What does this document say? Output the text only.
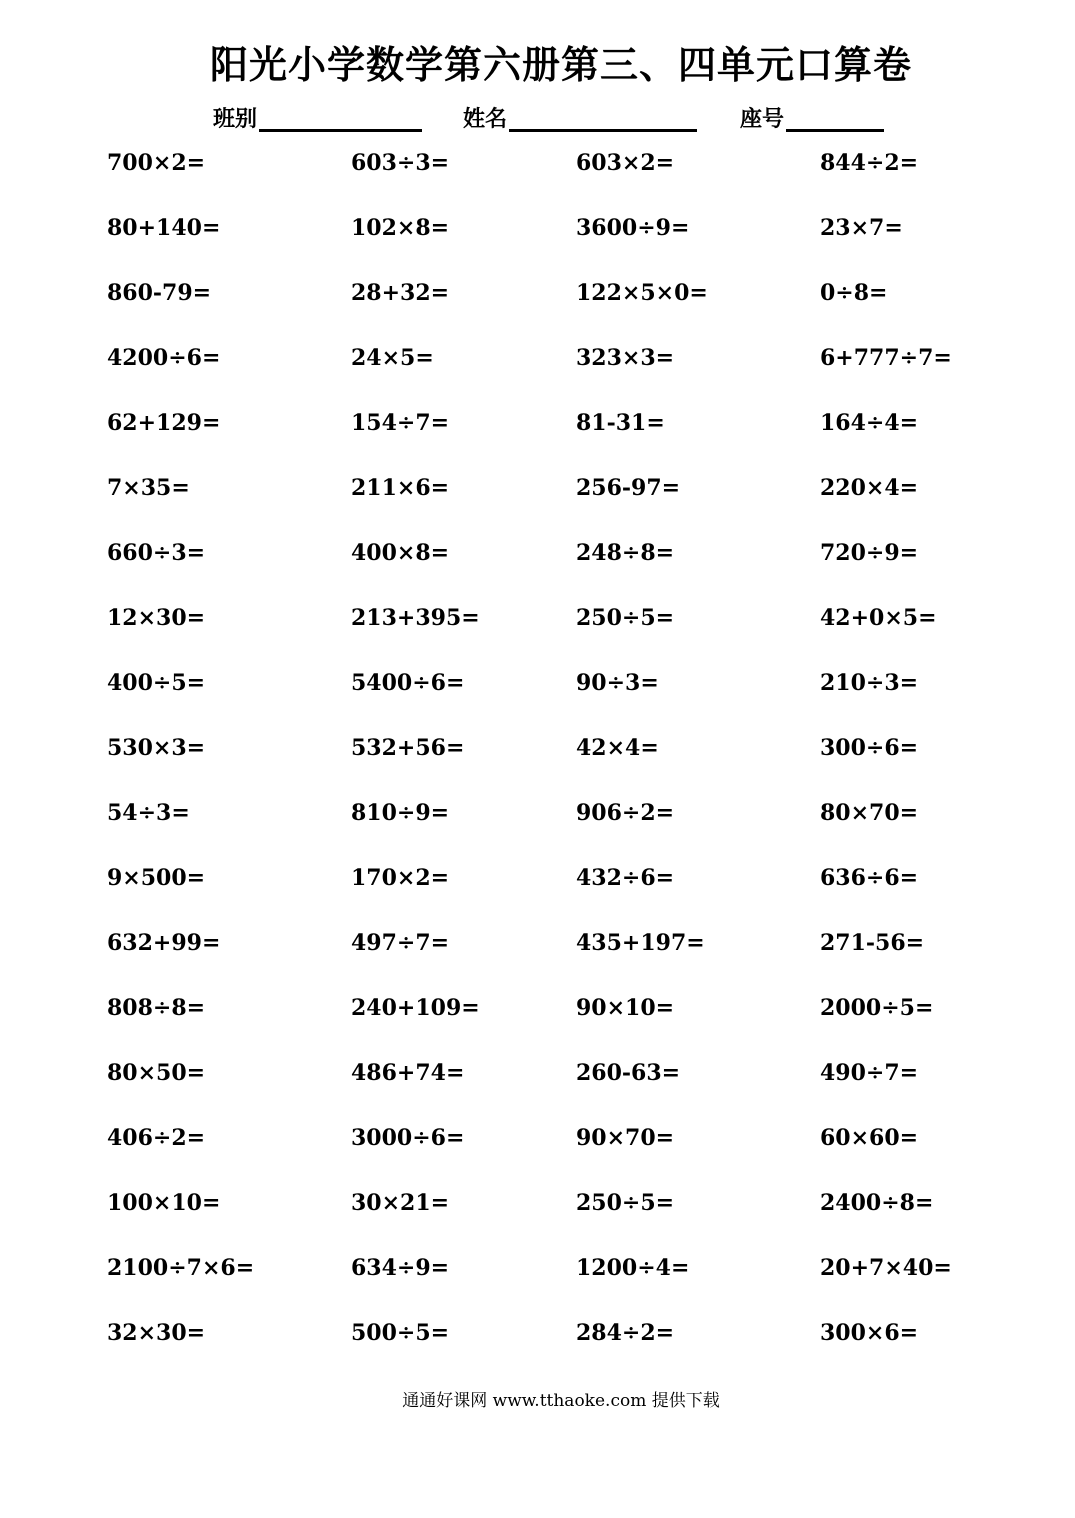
阳光小学数学第六册第三、四单元口算卷
班别	姓名	座号
700×2=	603÷3=	603×2=	844÷2=
80+140=	102×8=	3600÷9=	23×7=
860-79=	28+32=	122×5×0=	0÷8=
4200÷6=	24×5=	323×3=	6+777÷7=
62+129=	154÷7=	81-31=	164÷4=
7×35=	211×6=	256-97=	220×4=
660÷3=	400×8=	248÷8=	720÷9=
12×30=	213+395=	250÷5=	42+0×5=
400÷5=	5400÷6=	90÷3=	210÷3=
530×3=	532+56=	42×4=	300÷6=
54÷3=	810÷9=	906÷2=	80×70=
9×500=	170×2=	432÷6=	636÷6=
632+99=	497÷7=	435+197=	271-56=
808÷8=	240+109=	90×10=	2000÷5=
80×50=	486+74=	260-63=	490÷7=
406÷2=	3000÷6=	90×70=	60×60=
100×10=	30×21=	250÷5=	2400÷8=
2100÷7×6=	634÷9=	1200÷4=	20+7×40=
32×30=	500÷5=	284÷2=	300×6=
通通好课网 www.tthaoke.com 提供下载
